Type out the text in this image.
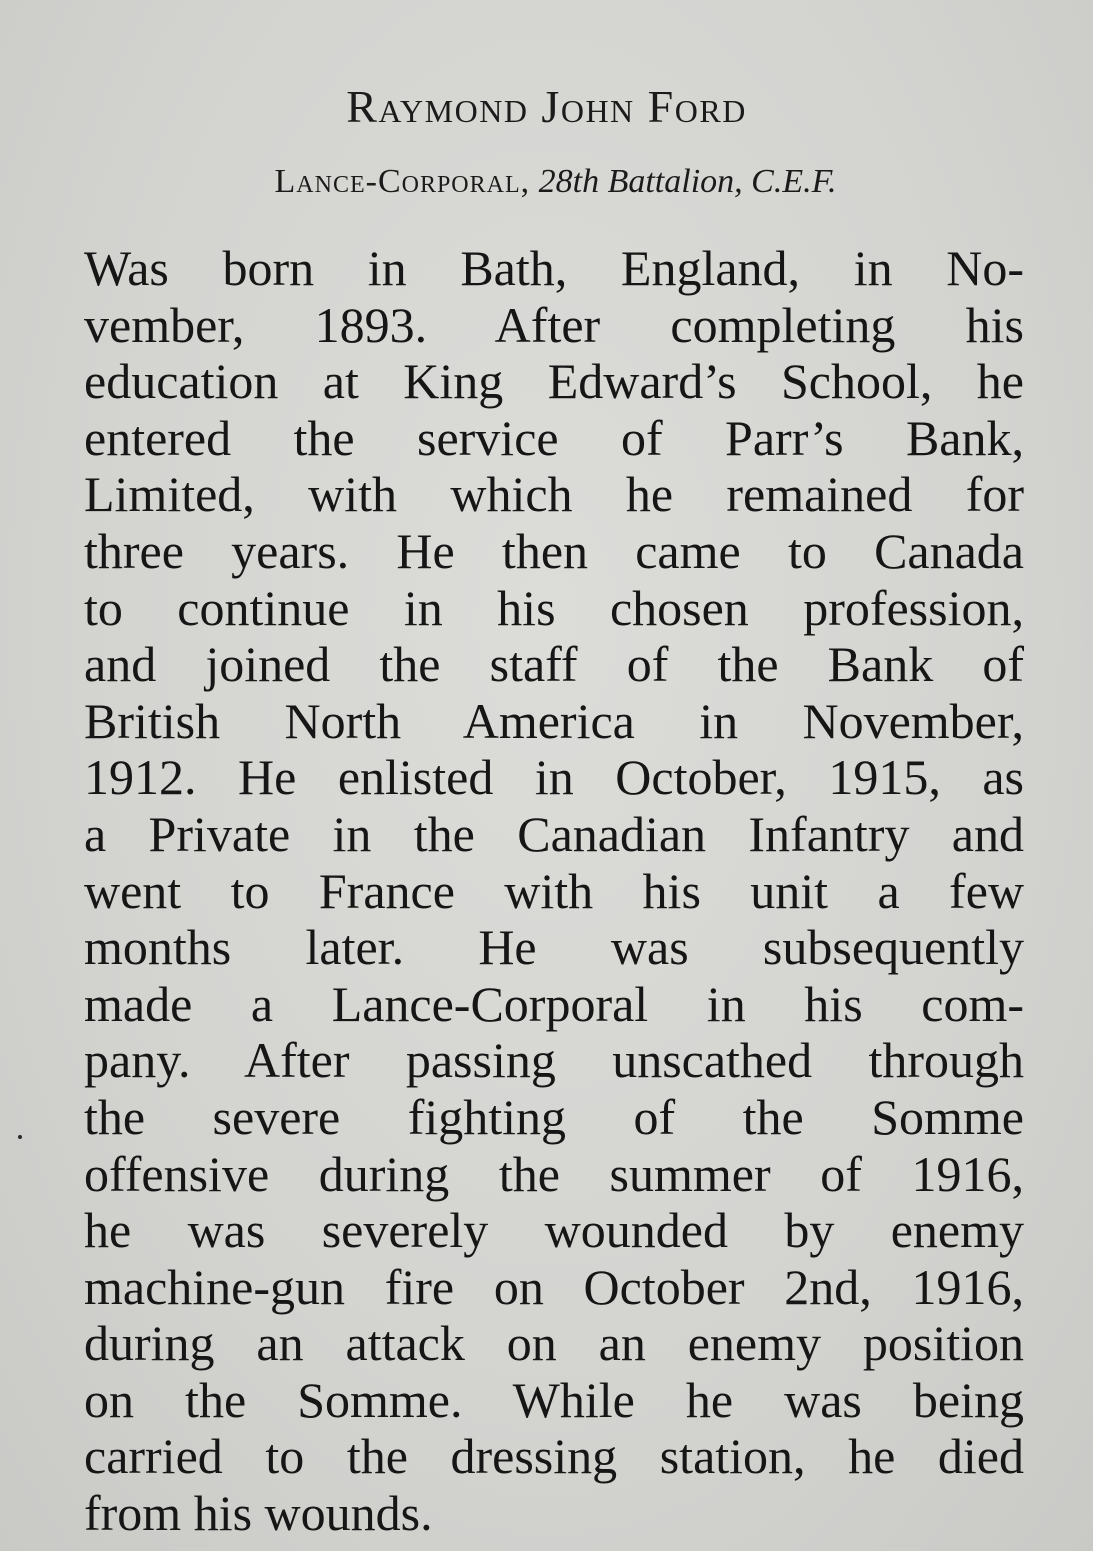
Raymond John Ford

Lance-Corporal, 28th Battalion, C.E.F.

Was born in Bath, England, in No-
vember, 1893. After completing his
education at King Edward’s School, he
entered the service of Parr’s Bank,
Limited, with which he remained for
three years. He then came to Canada
to continue in his chosen profession,
and joined the staff of the Bank of
British North America in November,
1912. He enlisted in October, 1915, as
a Private in the Canadian Infantry and
went to France with his unit a few
months later. He was subsequently
made a Lance-Corporal in his com-
pany. After passing unscathed through
the severe fighting of the Somme
offensive during the summer of 1916,
he was severely wounded by enemy
machine-gun fire on October 2nd, 1916,
during an attack on an enemy position
on the Somme. While he was being
carried to the dressing station, he died
from his wounds.
